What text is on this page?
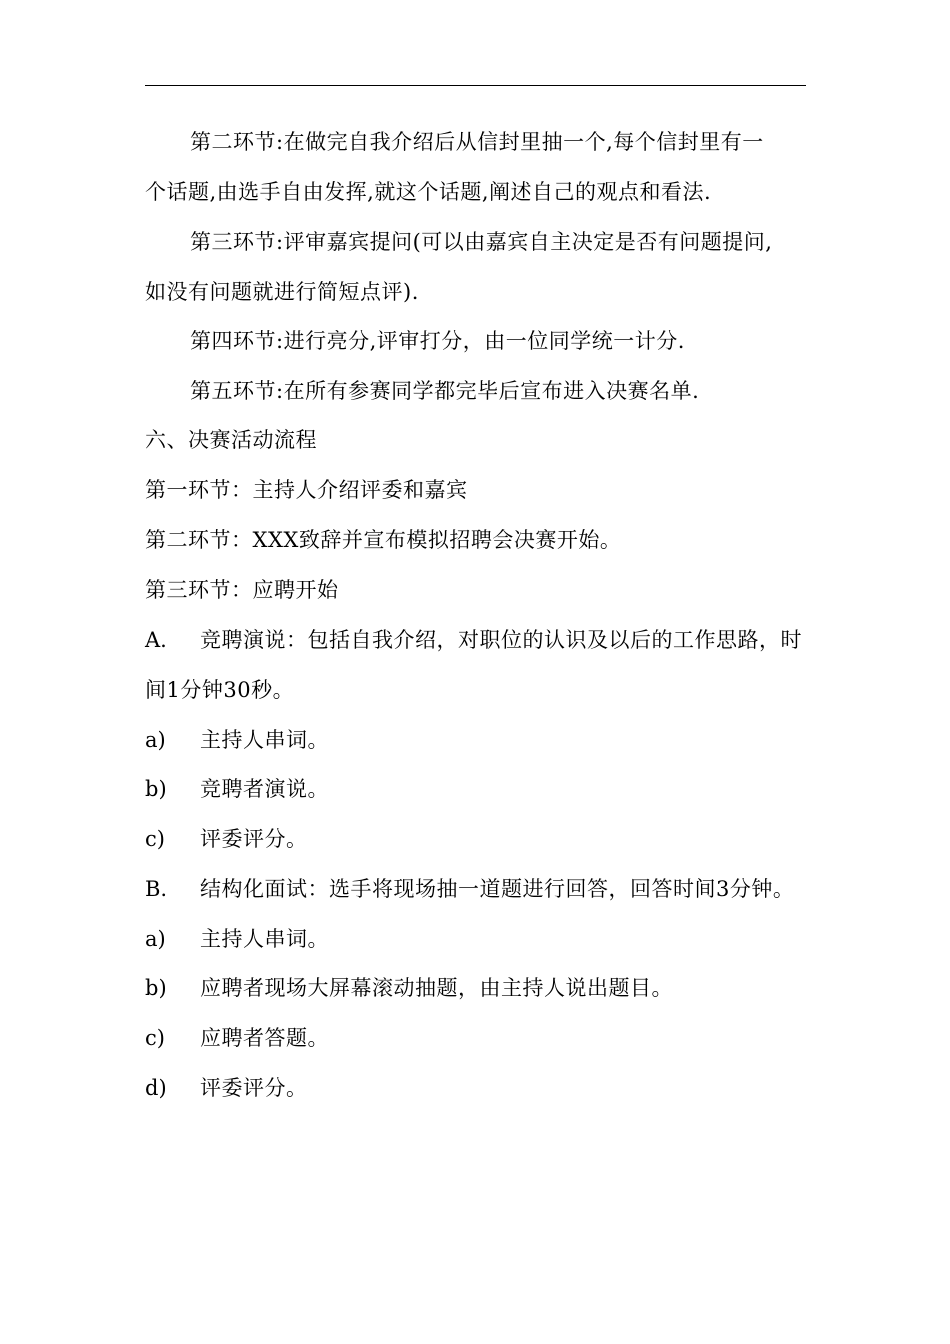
第二环节:在做完自我介绍后从信封里抽一个,每个信封里有一
个话题,由选手自由发挥,就这个话题,阐述自己的观点和看法.
第三环节:评审嘉宾提问(可以由嘉宾自主决定是否有问题提问,
如没有问题就进行简短点评).
第四环节:进行亮分,评审打分，由一位同学统一计分.
第五环节:在所有参赛同学都完毕后宣布进入决赛名单.
六、决赛活动流程
第一环节：主持人介绍评委和嘉宾
第二环节：XXX致辞并宣布模拟招聘会决赛开始。
第三环节：应聘开始
A. 竞聘演说：包括自我介绍，对职位的认识及以后的工作思路，时
间1分钟30秒。
a) 主持人串词。
b) 竞聘者演说。
c) 评委评分。
B. 结构化面试：选手将现场抽一道题进行回答，回答时间3分钟。
a) 主持人串词。
b) 应聘者现场大屏幕滚动抽题，由主持人说出题目。
c) 应聘者答题。
d) 评委评分。
